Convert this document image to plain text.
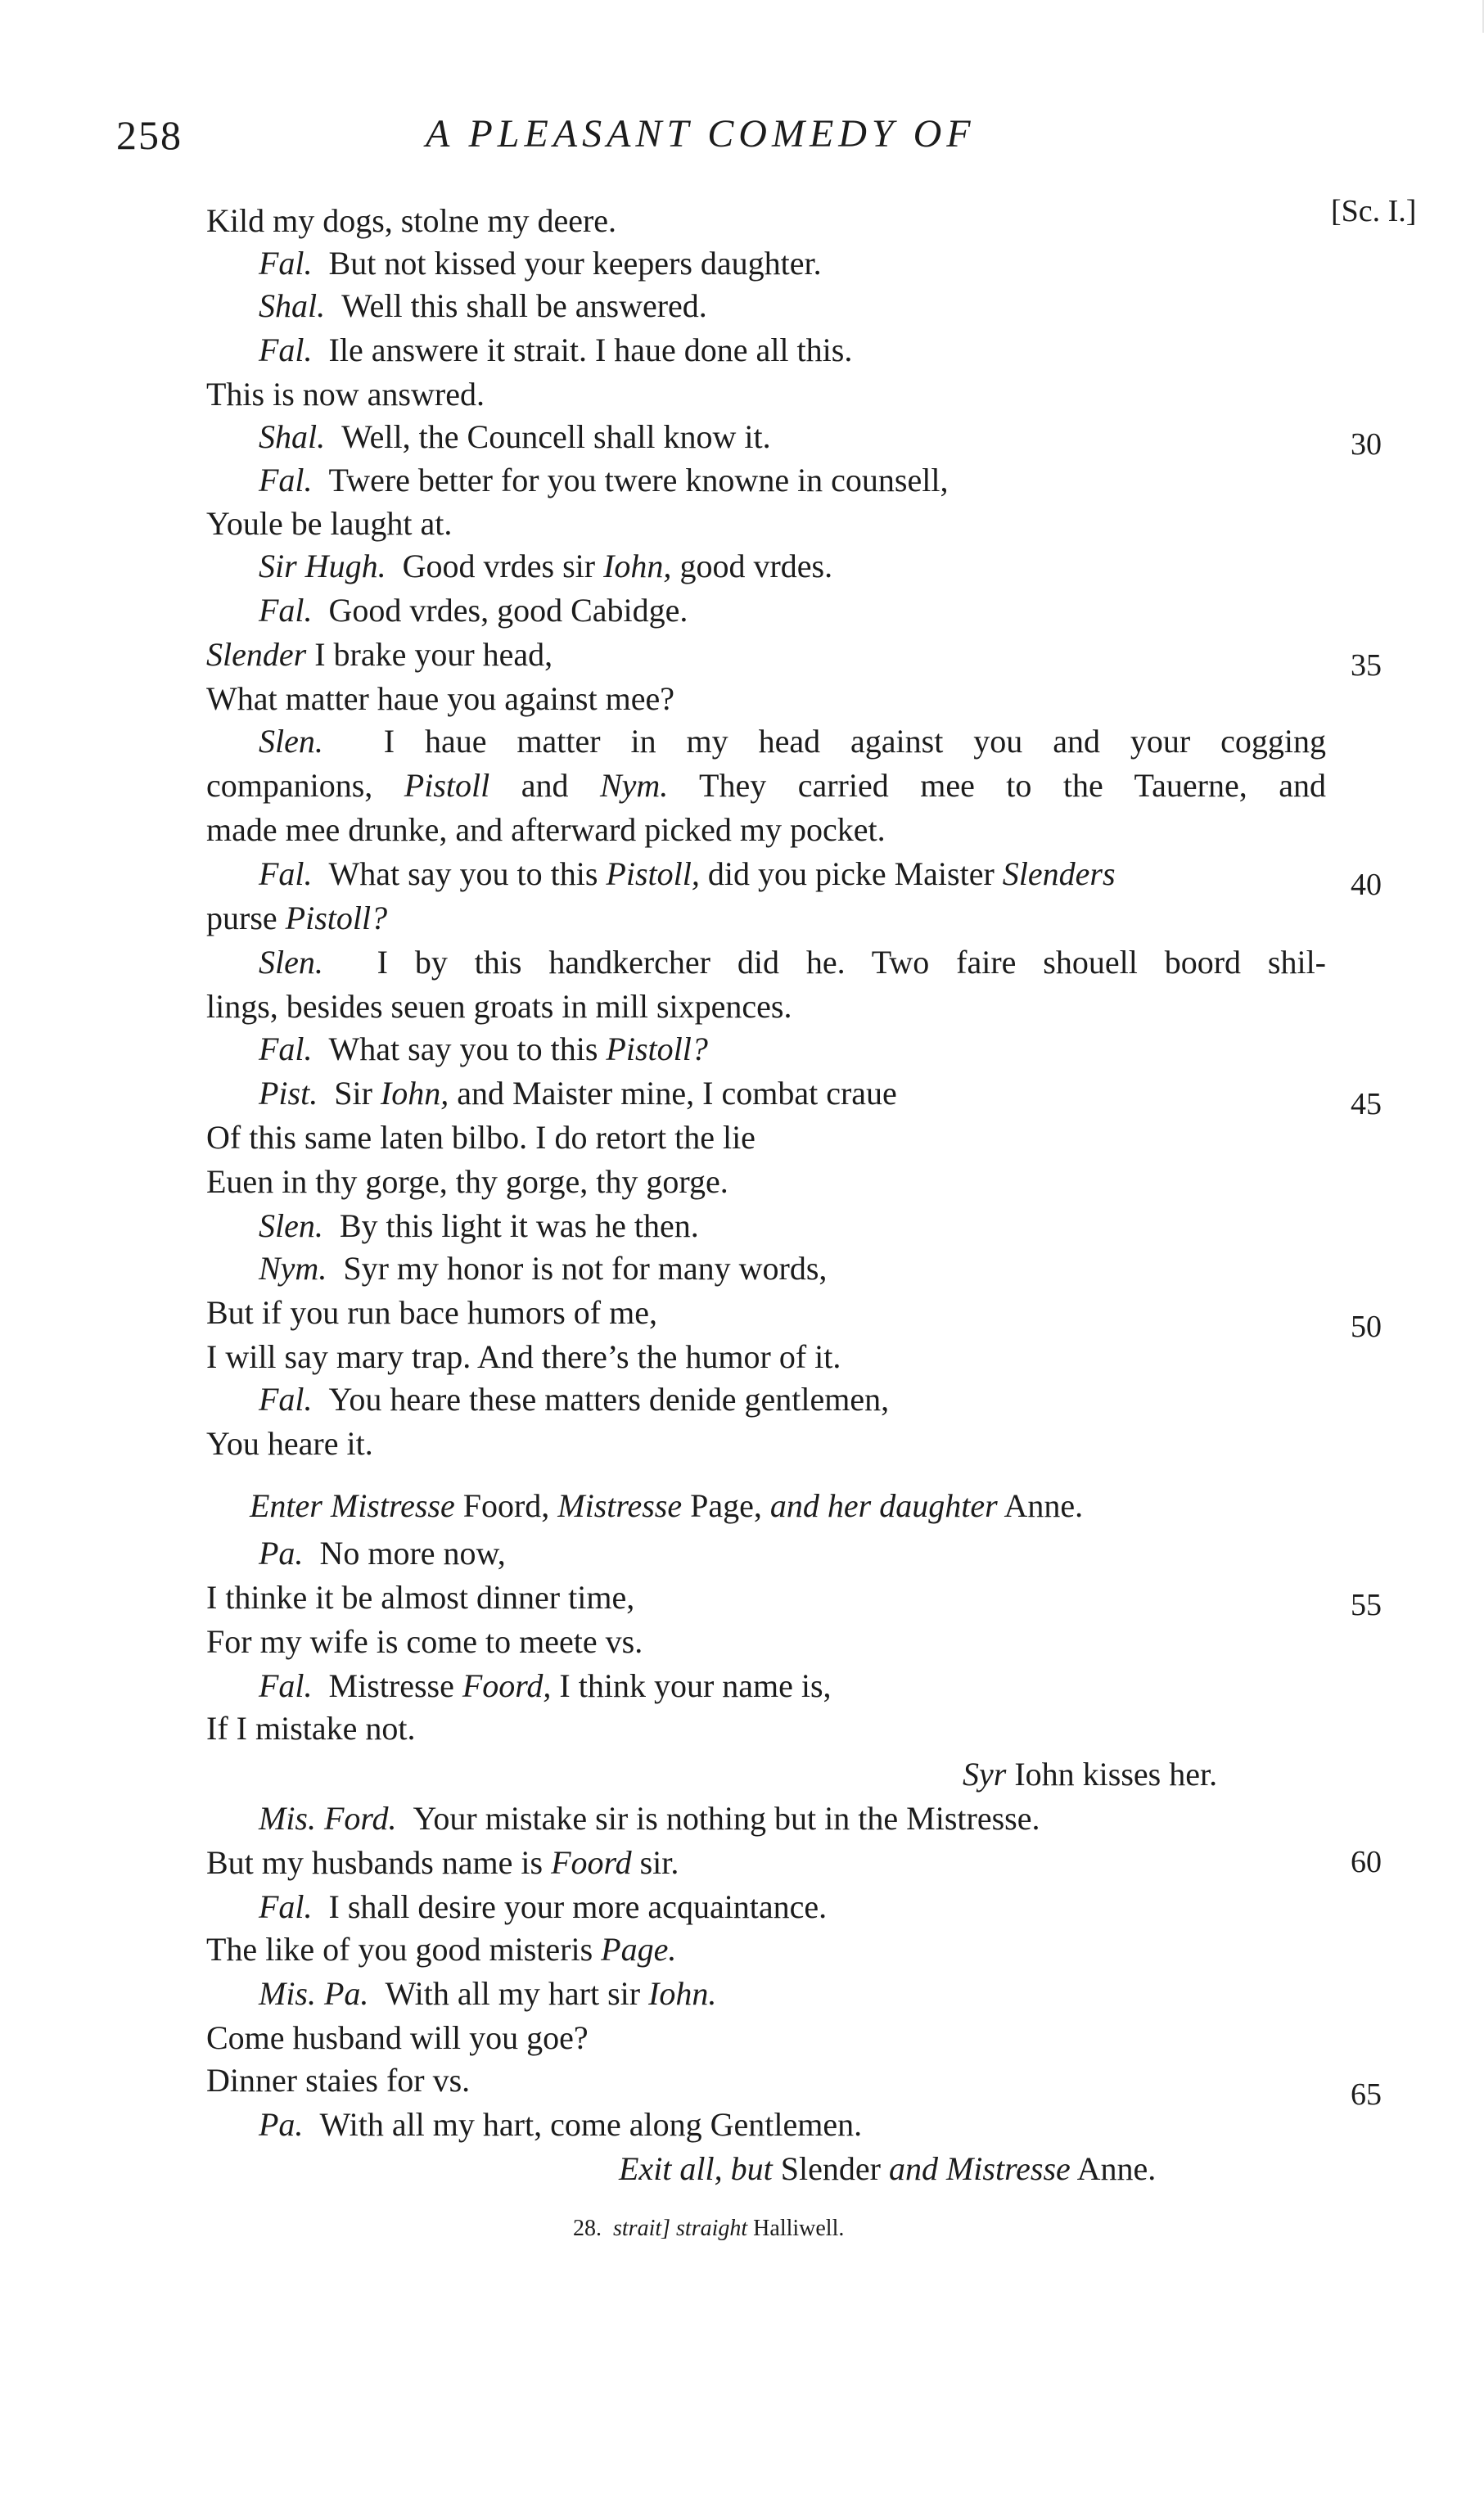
258	A PLEASANT COMEDY OF
[Sc. I.]
Kild my dogs, stolne my deere.
Fal. But not kissed your keepers daughter.
Shal. Well this shall be answered.
Fal. Ile answere it strait. I haue done all this.
This is now answred.
Shal. Well, the Councell shall know it.	30
Fal. Twere better for you twere knowne in counsell,
Youle be laught at.
Sir Hugh. Good vrdes sir Iohn, good vrdes.
Fal. Good vrdes, good Cabidge.
Slender I brake your head,	35
What matter haue you against mee?
Slen. I haue matter in my head against you and your cogging
companions, Pistoll and Nym. They carried mee to the Tauerne, and
made mee drunke, and afterward picked my pocket.
Fal. What say you to this Pistoll, did you picke Maister Slenders	40
purse Pistoll?
Slen. I by this handkercher did he. Two faire shouell boord shil-
lings, besides seuen groats in mill sixpences.
Fal. What say you to this Pistoll?
Pist. Sir Iohn, and Maister mine, I combat craue	45
Of this same laten bilbo. I do retort the lie
Euen in thy gorge, thy gorge, thy gorge.
Slen. By this light it was he then.
Nym. Syr my honor is not for many words,
But if you run bace humors of me,	50
I will say mary trap. And there’s the humor of it.
Fal. You heare these matters denide gentlemen,
You heare it.
Enter Mistresse Foord, Mistresse Page, and her daughter Anne.
Pa. No more now,
I thinke it be almost dinner time,	55
For my wife is come to meete vs.
Fal. Mistresse Foord, I think your name is,
If I mistake not.
Syr Iohn kisses her.
Mis. Ford. Your mistake sir is nothing but in the Mistresse.
But my husbands name is Foord sir.	60
Fal. I shall desire your more acquaintance.
The like of you good misteris Page.
Mis. Pa. With all my hart sir Iohn.
Come husband will you goe?
Dinner staies for vs.	65
Pa. With all my hart, come along Gentlemen.
Exit all, but Slender and Mistresse Anne.
28. strait] straight Halliwell.
